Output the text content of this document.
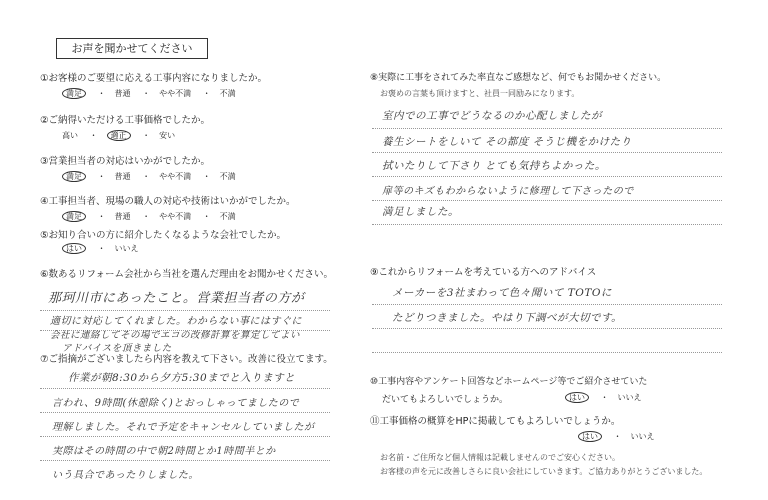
お声を聞かせてください
①お客様のご要望に応える工事内容になりましたか。
満足 ・ 普通 ・ やや不満 ・ 不満
②ご納得いただける工事価格でしたか。
高い ・ 適正 ・ 安い
③営業担当者の対応はいかがでしたか。
満足 ・ 普通 ・ やや不満 ・ 不満
④工事担当者、現場の職人の対応や技術はいかがでしたか。
満足 ・ 普通 ・ やや不満 ・ 不満
⑤お知り合いの方に紹介したくなるような会社でしたか。
はい ・ いいえ
⑥数あるリフォーム会社から当社を選んだ理由をお聞かせください。
那珂川市にあったこと。営業担当者の方が
適切に対応してくれました。わからない事にはすぐに
会社に連絡してその場でエコの改修計算を算定してよい
アドバイスを頂きました
⑦ご指摘がございましたら内容を教えて下さい。改善に役立てます。
作業が朝8:30から夕方5:30までと入りますと
言われ、9時間(休憩除く)とおっしゃってましたので
理解しました。それで予定をキャンセルしていましたが
実際はその時間の中で朝2時間とか1時間半とか
いう具合であったりしました。
⑧実際に工事をされてみた率直なご感想など、何でもお聞かせください。
お褒めの言葉も頂けますと、社員一同励みになります。
室内での工事でどうなるのか心配しましたが
養生シートをしいて その都度 そうじ機をかけたり
拭いたりして下さり とても気持ちよかった。
扉等のキズもわからないように修理して下さったので
満足しました。
⑨これからリフォームを考えている方へのアドバイス
メーカーを3社まわって色々聞いて TOTOに
たどりつきました。やはり下調べが大切です。
⑩工事内容やアンケート回答などホームページ等でご紹介させていた
だいてもよろしいでしょうか。	はい ・ いいえ
⑪工事価格の概算をHPに掲載してもよろしいでしょうか。
はい ・ いいえ
お名前・ご住所など個人情報は記載しませんのでご安心ください。
お客様の声を元に改善しさらに良い会社にしていきます。ご協力ありがとうございました。
